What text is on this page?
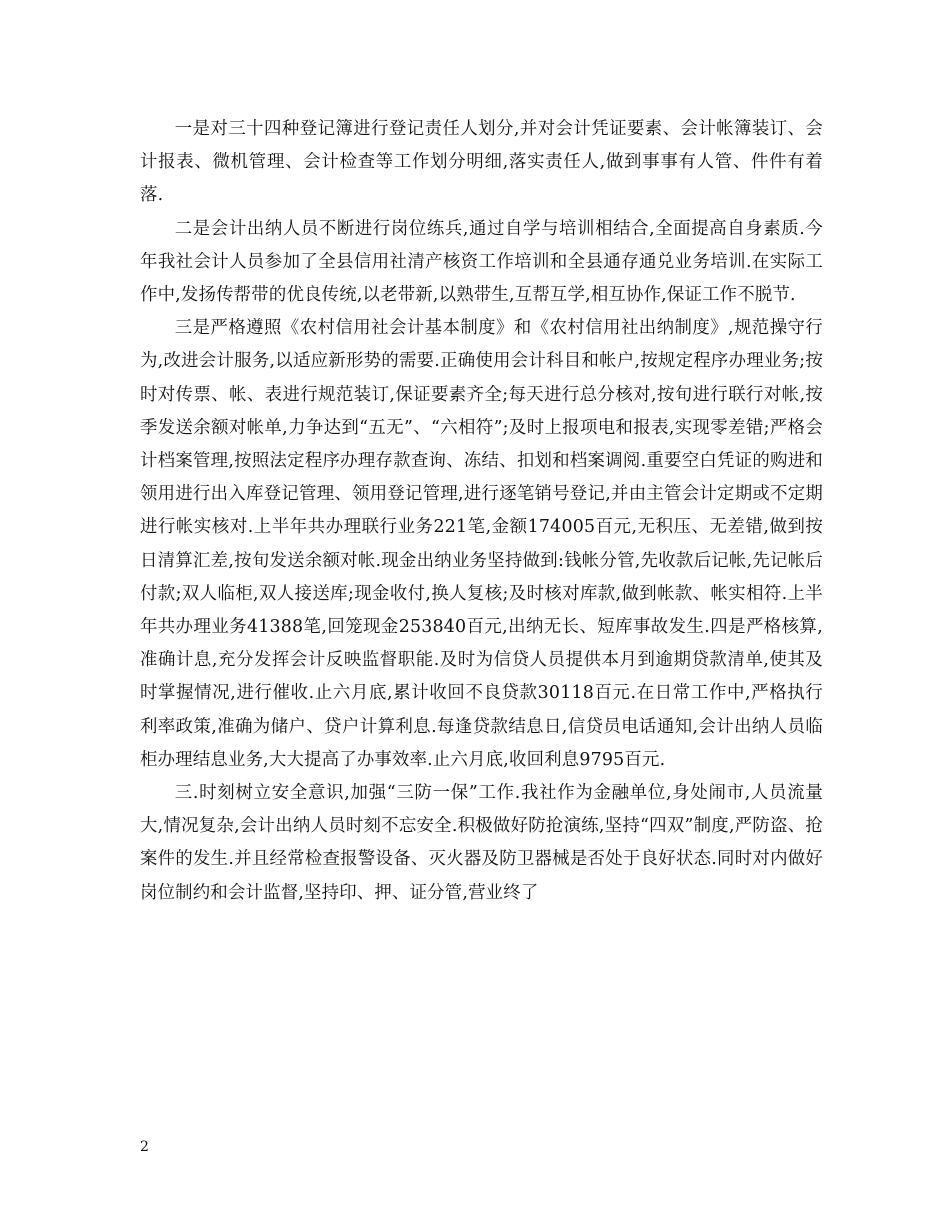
一是对三十四种登记簿进行登记责任人划分,并对会计凭证要素、会计帐簿装订、会计报表、微机管理、会计检查等工作划分明细,落实责任人,做到事事有人管、件件有着落.

二是会计出纳人员不断进行岗位练兵,通过自学与培训相结合,全面提高自身素质.今年我社会计人员参加了全县信用社清产核资工作培训和全县通存通兑业务培训.在实际工作中,发扬传帮带的优良传统,以老带新,以熟带生,互帮互学,相互协作,保证工作不脱节.

三是严格遵照《农村信用社会计基本制度》和《农村信用社出纳制度》,规范操守行为,改进会计服务,以适应新形势的需要.正确使用会计科目和帐户,按规定程序办理业务;按时对传票、帐、表进行规范装订,保证要素齐全;每天进行总分核对,按旬进行联行对帐,按季发送余额对帐单,力争达到“五无”、“六相符”;及时上报项电和报表,实现零差错;严格会计档案管理,按照法定程序办理存款查询、冻结、扣划和档案调阅.重要空白凭证的购进和领用进行出入库登记管理、领用登记管理,进行逐笔销号登记,并由主管会计定期或不定期进行帐实核对.上半年共办理联行业务221笔,金额174005百元,无积压、无差错,做到按日清算汇差,按旬发送余额对帐.现金出纳业务坚持做到:钱帐分管,先收款后记帐,先记帐后付款;双人临柜,双人接送库;现金收付,换人复核;及时核对库款,做到帐款、帐实相符.上半年共办理业务41388笔,回笼现金253840百元,出纳无长、短库事故发生.四是严格核算,准确计息,充分发挥会计反映监督职能.及时为信贷人员提供本月到逾期贷款清单,使其及时掌握情况,进行催收.止六月底,累计收回不良贷款30118百元.在日常工作中,严格执行利率政策,准确为储户、贷户计算利息.每逢贷款结息日,信贷员电话通知,会计出纳人员临柜办理结息业务,大大提高了办事效率.止六月底,收回利息9795百元.

三.时刻树立安全意识,加强“三防一保”工作.我社作为金融单位,身处闹市,人员流量大,情况复杂,会计出纳人员时刻不忘安全.积极做好防抢演练,坚持“四双”制度,严防盗、抢案件的发生.并且经常检查报警设备、灭火器及防卫器械是否处于良好状态.同时对内做好岗位制约和会计监督,坚持印、押、证分管,营业终了

2
